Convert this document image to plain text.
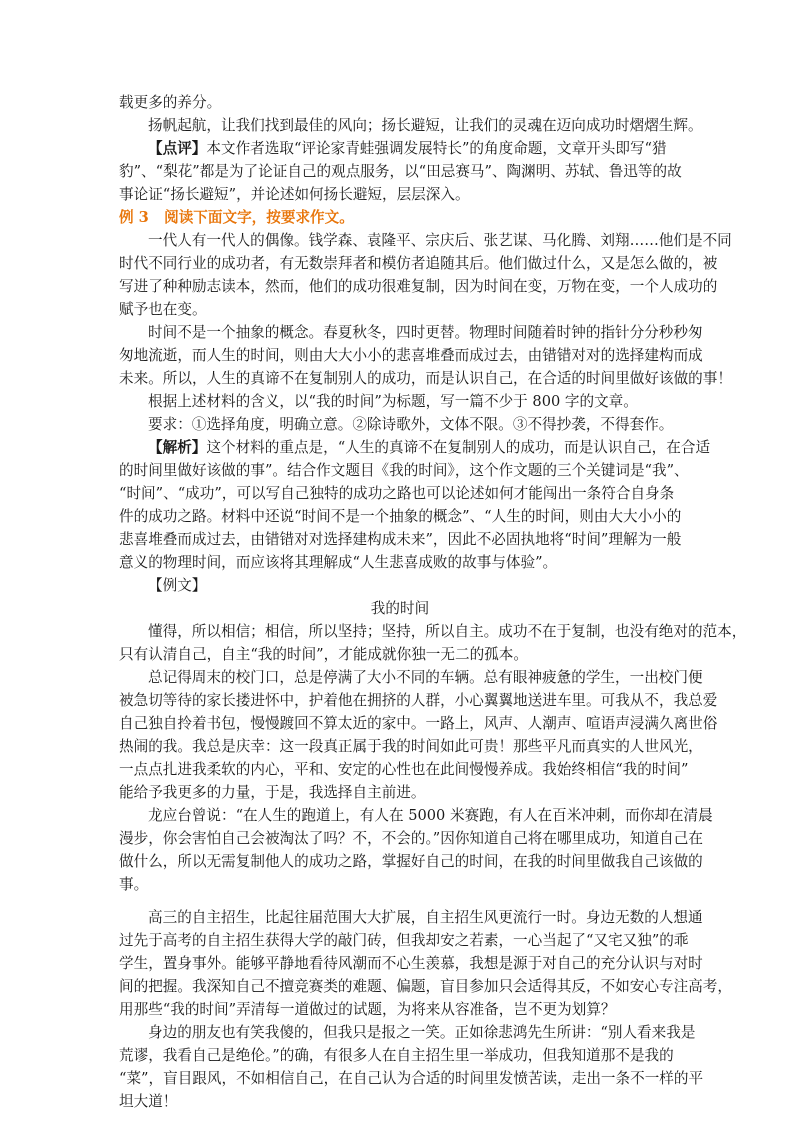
载更多的养分。

扬帆起航，让我们找到最佳的风向；扬长避短，让我们的灵魂在迈向成功时熠熠生辉。

【点评】本文作者选取“评论家青蛙强调发展特长”的角度命题，文章开头即写“猎

豹”、“梨花”都是为了论证自己的观点服务，以“田忌赛马”、陶渊明、苏轼、鲁迅等的故

事论证“扬长避短”，并论述如何扬长避短，层层深入。

例 3 阅读下面文字，按要求作文。

一代人有一代人的偶像。钱学森、袁隆平、宗庆后、张艺谋、马化腾、刘翔……他们是不同

时代不同行业的成功者，有无数崇拜者和模仿者追随其后。他们做过什么，又是怎么做的，被

写进了种种励志读本，然而，他们的成功很难复制，因为时间在变，万物在变，一个人成功的

赋予也在变。

时间不是一个抽象的概念。春夏秋冬，四时更替。物理时间随着时钟的指针分分秒秒匆

匆地流逝，而人生的时间，则由大大小小的悲喜堆叠而成过去，由错错对对的选择建构而成

未来。所以，人生的真谛不在复制别人的成功，而是认识自己，在合适的时间里做好该做的事！

根据上述材料的含义，以“我的时间”为标题，写一篇不少于 800 字的文章。

要求：①选择角度，明确立意。②除诗歌外，文体不限。③不得抄袭，不得套作。

【解析】这个材料的重点是，“人生的真谛不在复制别人的成功，而是认识自己，在合适

的时间里做好该做的事”。结合作文题目《我的时间》，这个作文题的三个关键词是“我”、

“时间”、“成功”，可以写自己独特的成功之路也可以论述如何才能闯出一条符合自身条

件的成功之路。材料中还说“时间不是一个抽象的概念”、“人生的时间，则由大大小小的

悲喜堆叠而成过去，由错错对对选择建构成未来”，因此不必固执地将“时间”理解为一般

意义的物理时间，而应该将其理解成“人生悲喜成败的故事与体验”。

【例文】

我的时间

懂得，所以相信；相信，所以坚持；坚持，所以自主。成功不在于复制，也没有绝对的范本，

只有认清自己，自主“我的时间”，才能成就你独一无二的孤本。

总记得周末的校门口，总是停满了大小不同的车辆。总有眼神疲惫的学生，一出校门便

被急切等待的家长搂进怀中，护着他在拥挤的人群，小心翼翼地送进车里。可我从不，我总爱

自己独自拎着书包，慢慢踱回不算太近的家中。一路上，风声、人潮声、喧语声浸满久离世俗

热闹的我。我总是庆幸：这一段真正属于我的时间如此可贵！那些平凡而真实的人世风光，

一点点扎进我柔软的内心，平和、安定的心性也在此间慢慢养成。我始终相信“我的时间”

能给予我更多的力量，于是，我选择自主前进。

龙应台曾说：“在人生的跑道上，有人在 5000 米赛跑，有人在百米冲刺，而你却在清晨

漫步，你会害怕自己会被淘汰了吗？不，不会的。”因你知道自己将在哪里成功，知道自己在

做什么，所以无需复制他人的成功之路，掌握好自己的时间，在我的时间里做我自己该做的

事。

高三的自主招生，比起往届范围大大扩展，自主招生风更流行一时。身边无数的人想通

过先于高考的自主招生获得大学的敲门砖，但我却安之若素，一心当起了“又宅又独”的乖

学生，置身事外。能够平静地看待风潮而不心生羡慕，我想是源于对自己的充分认识与对时

间的把握。我深知自己不擅竞赛类的难题、偏题，盲目参加只会适得其反，不如安心专注高考，

用那些“我的时间”弄清每一道做过的试题，为将来从容准备，岂不更为划算？

身边的朋友也有笑我傻的，但我只是报之一笑。正如徐悲鸿先生所讲：“别人看来我是

荒谬，我看自己是绝伦。”的确，有很多人在自主招生里一举成功，但我知道那不是我的

“菜”，盲目跟风，不如相信自己，在自己认为合适的时间里发愤苦读，走出一条不一样的平

坦大道！
